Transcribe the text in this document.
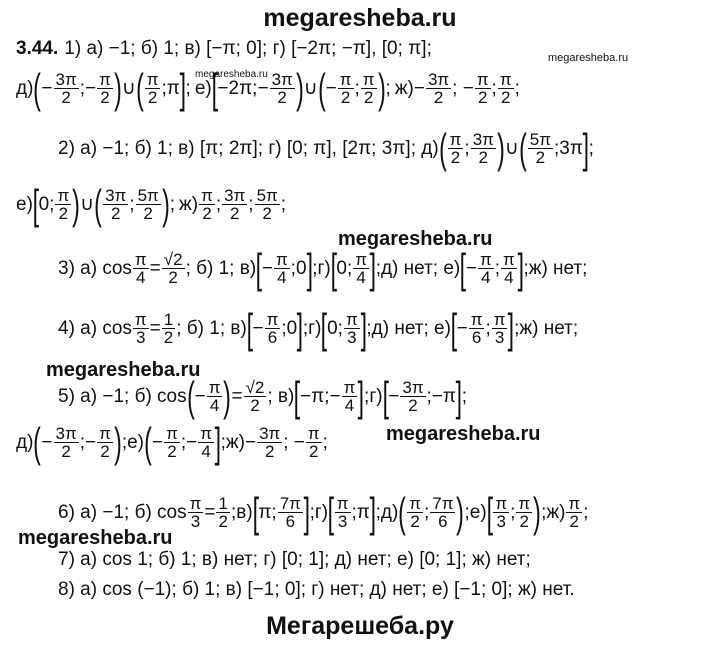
megaresheba.ru
megaresheba.ru
megaresheba.ru
megaresheba.ru
megaresheba.ru
megaresheba.ru
megaresheba.ru
Мегарешеба.ру
3.44. 1) а) −1; б) 1; в) [−π; 0]; г) [−2π; −π], [0; π];
д) ( − $\frac{3\pi}{2}$ ;− $\frac{\pi}{2}$ ) ∪ ( $\frac{\pi}{2}$ ;π ] ; е) [ −2π;− $\frac{3\pi}{2}$ ) ∪ ( − $\frac{\pi}{2}$ ; $\frac{\pi}{2}$ ) ; $ж) - \frac{3\pi}{2}$ ; − $\frac{\pi}{2}$ ; $\frac{\pi}{2}$ ;
2) а) −1; б) 1; в) [π; 2π]; г) [0; π], [2π; 3π]; д) ( $\frac{\pi}{2}$ ; $\frac{3\pi}{2}$ ) ∪ ( $\frac{5\pi}{2}$ ;3π ] ;
е) [ 0; $\frac{\pi}{2}$ ) ∪ ( $\frac{3\pi}{2}$ ; $\frac{5\pi}{2}$ ) ; $ж) \frac{\pi}{2}$ ; $\frac{3\pi}{2}$ ; $\frac{5\pi}{2}$ ;
3) а) $\cos \frac{\pi}{4} = \frac{√2}{2}$ ; б) 1; в) [ − $\frac{\pi}{4}$ ;0 ] ; г) [ 0; $\frac{\pi}{4}$ ] ; д) нет; е) [ − $\frac{\pi}{4}$ ; $\frac{\pi}{4}$ ] ; ж) нет;
4) а) $\cos \frac{\pi}{3} = \frac{1}{2}$ ; б) 1; в) [ − $\frac{\pi}{6}$ ;0 ] ; г) [ 0; $\frac{\pi}{3}$ ] ; д) нет; е) [ − $\frac{\pi}{6}$ ; $\frac{\pi}{3}$ ] ; ж) нет;
5) а) −1; б) cos ( − $\frac{\pi}{4}$ ) = $\frac{√2}{2}$ ; в) [ −π;− $\frac{\pi}{4}$ ] ; г) [ − $\frac{3\pi}{2}$ ;−π ] ;
д) ( − $\frac{3\pi}{2}$ ;− $\frac{\pi}{2}$ ) ; е) ( − $\frac{\pi}{2}$ ;− $\frac{\pi}{4}$ ] ; $ж) - \frac{3\pi}{2}$ ; − $\frac{\pi}{2}$ ;
6) а) −1; б) $\cos \frac{\pi}{3} = \frac{1}{2}$ ; в) [ π; $\frac{7\pi}{6}$ ] ; г) [ $\frac{\pi}{3}$ ;π ] ; д) ( $\frac{\pi}{2}$ ; $\frac{7\pi}{6}$ ) ; е) [ $\frac{\pi}{3}$ ; $\frac{\pi}{2}$ ) ; $ж) \frac{\pi}{2}$ ;
7) а) cos 1; б) 1; в) нет; г) [0; 1]; д) нет; е) [0; 1]; ж) нет;
8) а) cos (−1); б) 1; в) [−1; 0]; г) нет; д) нет; е) [−1; 0]; ж) нет.
